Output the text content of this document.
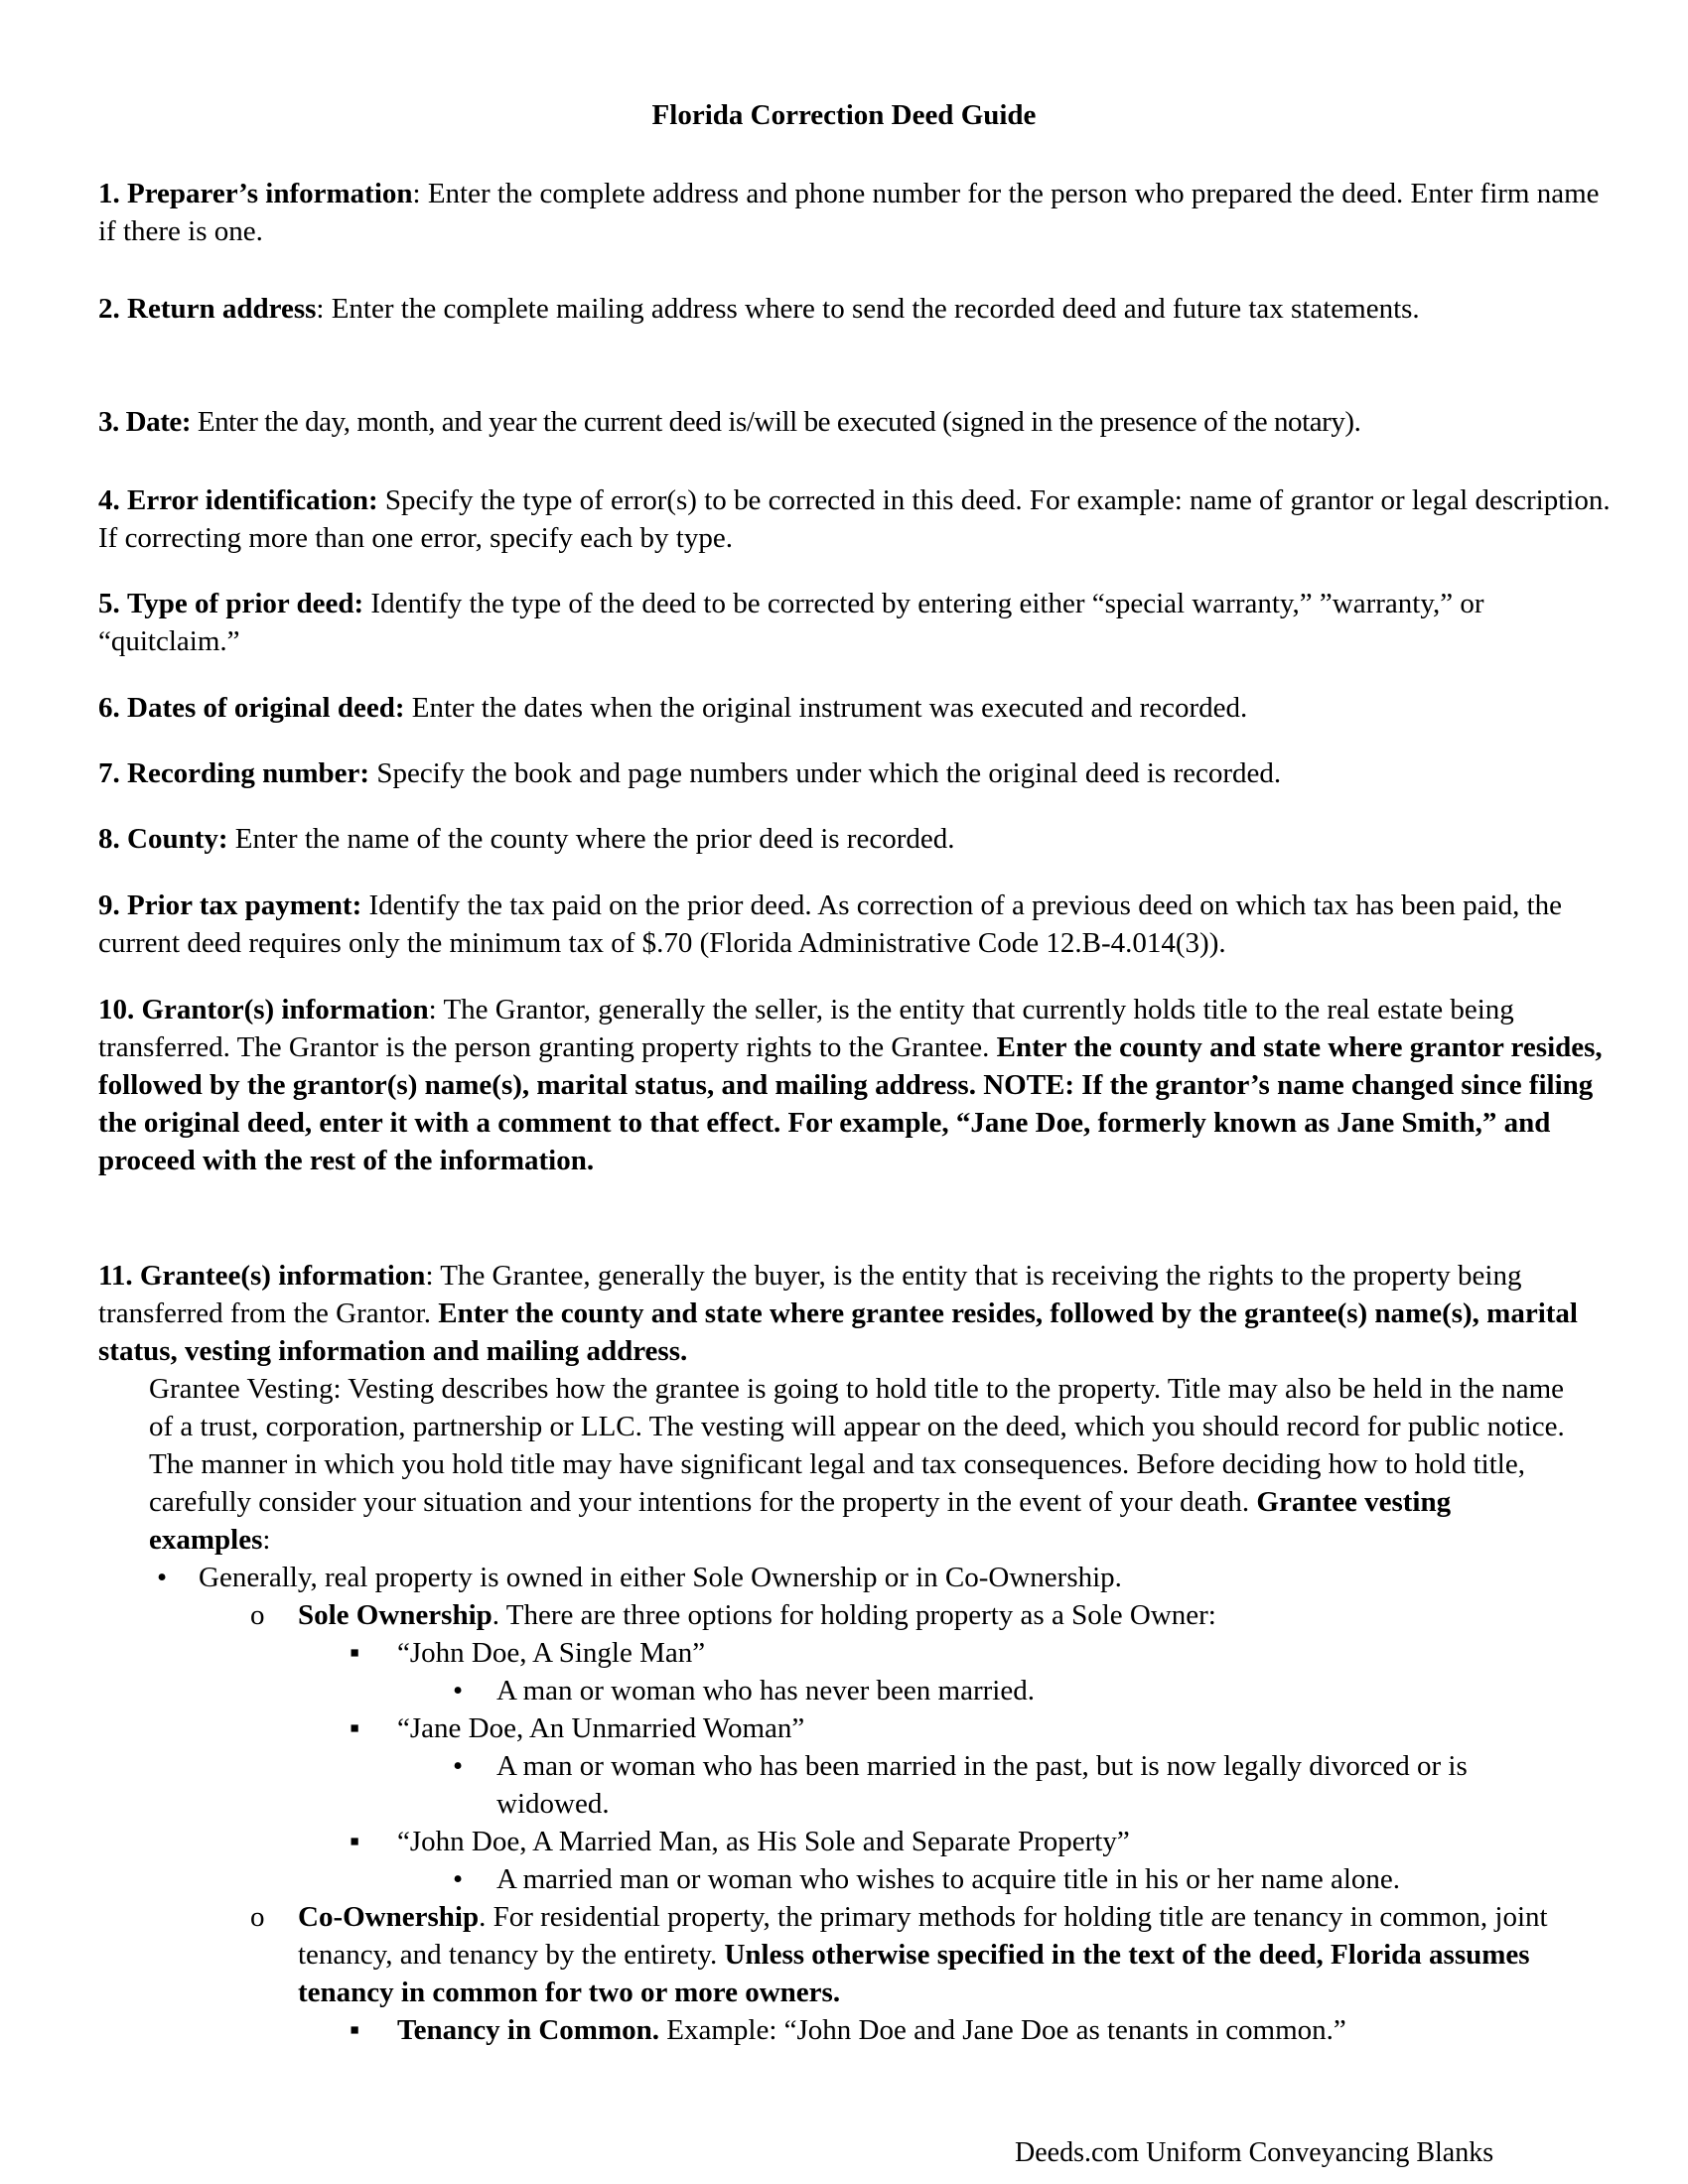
Florida Correction Deed Guide

1. Preparer’s information: Enter the complete address and phone number for the person who prepared the deed. Enter firm name if there is one.

2. Return address: Enter the complete mailing address where to send the recorded deed and future tax statements.

3. Date: Enter the day, month, and year the current deed is/will be executed (signed in the presence of the notary).

4. Error identification: Specify the type of error(s) to be corrected in this deed. For example: name of grantor or legal description. If correcting more than one error, specify each by type.

5. Type of prior deed: Identify the type of the deed to be corrected by entering either “special warranty,” ”warranty,” or “quitclaim.”

6. Dates of original deed: Enter the dates when the original instrument was executed and recorded.

7. Recording number: Specify the book and page numbers under which the original deed is recorded.

8. County: Enter the name of the county where the prior deed is recorded.

9. Prior tax payment: Identify the tax paid on the prior deed. As correction of a previous deed on which tax has been paid, the current deed requires only the minimum tax of $.70 (Florida Administrative Code 12.B-4.014(3)).

10. Grantor(s) information: The Grantor, generally the seller, is the entity that currently holds title to the real estate being transferred. The Grantor is the person granting property rights to the Grantee. Enter the county and state where grantor resides, followed by the grantor(s) name(s), marital status, and mailing address. NOTE: If the grantor’s name changed since filing the original deed, enter it with a comment to that effect. For example, “Jane Doe, formerly known as Jane Smith,” and proceed with the rest of the information.

11. Grantee(s) information: The Grantee, generally the buyer, is the entity that is receiving the rights to the property being transferred from the Grantor. Enter the county and state where grantee resides, followed by the grantee(s) name(s), marital status, vesting information and mailing address.

Grantee Vesting: Vesting describes how the grantee is going to hold title to the property. Title may also be held in the name of a trust, corporation, partnership or LLC. The vesting will appear on the deed, which you should record for public notice. The manner in which you hold title may have significant legal and tax consequences. Before deciding how to hold title, carefully consider your situation and your intentions for the property in the event of your death. Grantee vesting examples:

• Generally, real property is owned in either Sole Ownership or in Co-Ownership.

o Sole Ownership. There are three options for holding property as a Sole Owner:

▪ “John Doe, A Single Man”

• A man or woman who has never been married.

▪ “Jane Doe, An Unmarried Woman”

• A man or woman who has been married in the past, but is now legally divorced or is widowed.

▪ “John Doe, A Married Man, as His Sole and Separate Property”

• A married man or woman who wishes to acquire title in his or her name alone.

o Co-Ownership. For residential property, the primary methods for holding title are tenancy in common, joint tenancy, and tenancy by the entirety. Unless otherwise specified in the text of the deed, Florida assumes tenancy in common for two or more owners.

▪ Tenancy in Common. Example: “John Doe and Jane Doe as tenants in common.”

Deeds.com Uniform Conveyancing Blanks
